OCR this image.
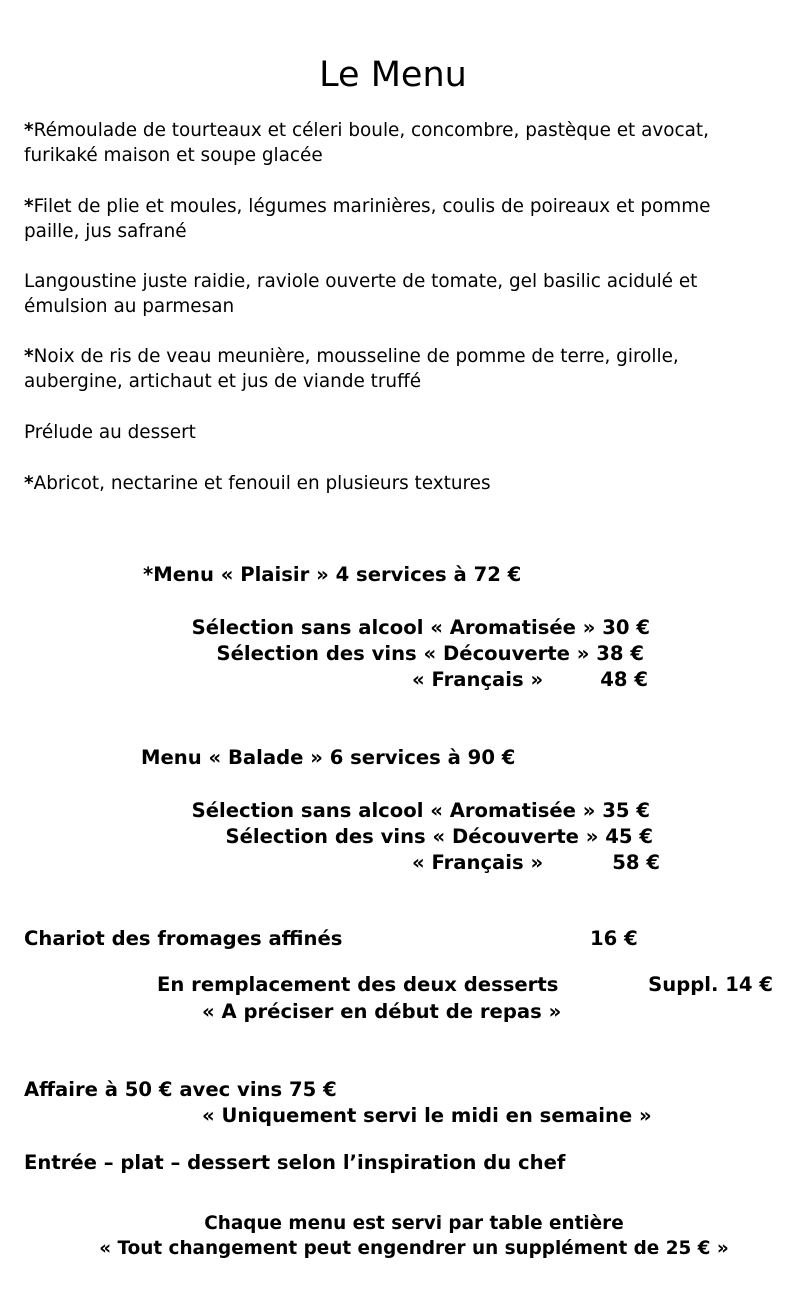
Le Menu
*Rémoulade de tourteaux et céleri boule, concombre, pastèque et avocat,
furikaké maison et soupe glacée
*Filet de plie et moules, légumes marinières, coulis de poireaux et pomme
paille, jus safrané
Langoustine juste raidie, raviole ouverte de tomate, gel basilic acidulé et
émulsion au parmesan
*Noix de ris de veau meunière, mousseline de pomme de terre, girolle,
aubergine, artichaut et jus de viande truffé
Prélude au dessert
*Abricot, nectarine et fenouil en plusieurs textures
*Menu « Plaisir » 4 services à 72 €
Sélection sans alcool « Aromatisée » 30 €
Sélection des vins « Découverte » 38 €
« Français »	48 €
Menu « Balade » 6 services à 90 €
Sélection sans alcool « Aromatisée » 35 €
Sélection des vins « Découverte » 45 €
« Français »	58 €
Chariot des fromages affinés	16 €
En remplacement des deux desserts	Suppl. 14 €
« A préciser en début de repas »
Affaire à 50 € avec vins 75 €
« Uniquement servi le midi en semaine »
Entrée – plat – dessert selon l’inspiration du chef
Chaque menu est servi par table entière
« Tout changement peut engendrer un supplément de 25 € »
